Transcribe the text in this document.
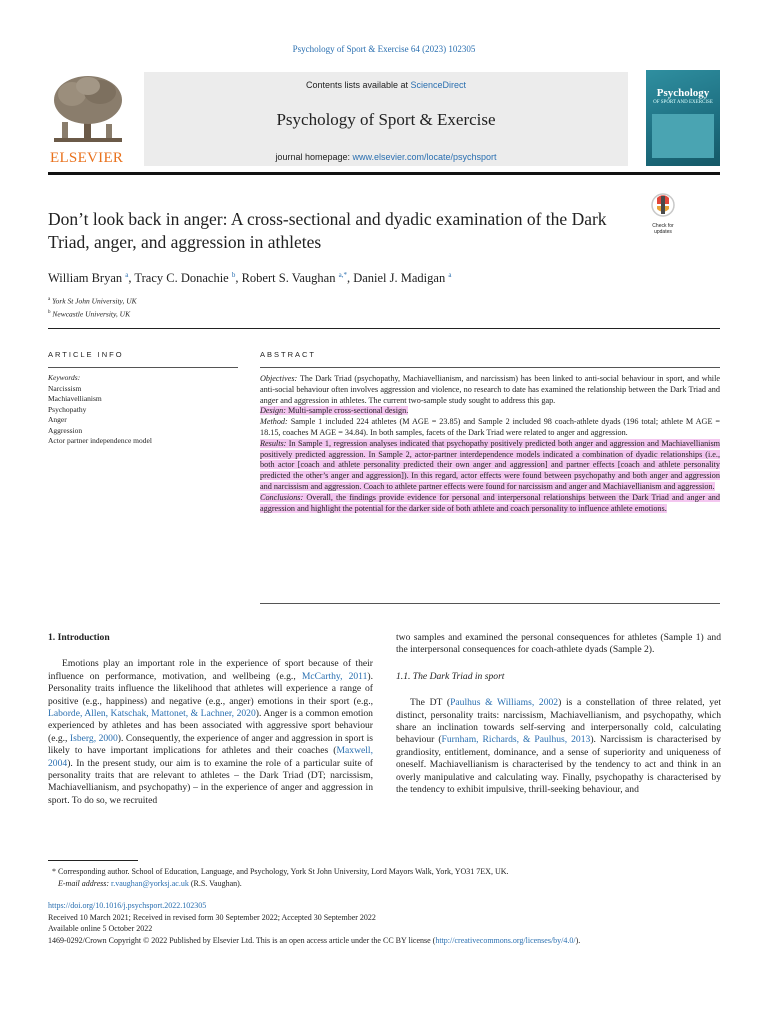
Psychology of Sport & Exercise 64 (2023) 102305
ELSEVIER
Contents lists available at ScienceDirect
Psychology of Sport & Exercise
journal homepage: www.elsevier.com/locate/psychsport
Psychology
OF SPORT AND EXERCISE
Don’t look back in anger: A cross-sectional and dyadic examination of the Dark Triad, anger, and aggression in athletes
Check for updates
William Bryan $^a$, Tracy C. Donachie $^b$, Robert S. Vaughan $^{a,*}$, Daniel J. Madigan $^a$
$^a$ York St John University, UK
$^b$ Newcastle University, UK
ARTICLE INFO	ABSTRACT
Keywords:
Narcissism
Machiavellianism
Psychopathy
Anger
Aggression
Actor partner independence model

Objectives: The Dark Triad (psychopathy, Machiavellianism, and narcissism) has been linked to anti-social behaviour in sport, and while anti-social behaviour often involves aggression and violence, no research to date has examined the relationship between the Dark Triad and anger and aggression in athletes. The current two-sample study sought to address this gap.

Design: Multi-sample cross-sectional design.

Method: Sample 1 included 224 athletes (M AGE = 23.85) and Sample 2 included 98 coach-athlete dyads (196 total; athlete M AGE = 18.15, coaches M AGE = 34.84). In both samples, facets of the Dark Triad were related to anger and aggression.

Results: In Sample 1, regression analyses indicated that psychopathy positively predicted both anger and aggression and Machiavellianism positively predicted aggression. In Sample 2, actor-partner interdependence models indicated a combination of dyadic relationships (i.e., both actor [coach and athlete personality predicted their own anger and aggression] and partner effects [coach and athlete personality predicted the other’s anger and aggression]). In this regard, actor effects were found between psychopathy and both anger and aggression and narcissism and aggression. Coach to athlete partner effects were found for narcissism and anger and Machiavellianism and aggression.

Conclusions: Overall, the findings provide evidence for personal and interpersonal relationships between the Dark Triad and anger and aggression and highlight the potential for the darker side of both athlete and coach personality to influence athlete emotions.

1. Introduction

Emotions play an important role in the experience of sport because of their influence on performance, motivation, and wellbeing (e.g., McCarthy, 2011). Personality traits influence the likelihood that athletes will experience a range of positive (e.g., happiness) and negative (e.g., anger) emotions in their sport (e.g., Laborde, Allen, Katschak, Mattonet, & Lachner, 2020). Anger is a common emotion experienced by athletes and has been associated with aggressive sport behaviour (e.g., Isberg, 2000). Consequently, the experience of anger and aggression in sport is likely to have important implications for athletes and their coaches (Maxwell, 2004). In the present study, our aim is to examine the role of a particular suite of personality traits that are relevant to athletes – the Dark Triad (DT; narcissism, Machiavellianism, and psychopathy) – in the experience of anger and aggression in sport. To do so, we recruited

two samples and examined the personal consequences for athletes (Sample 1) and the interpersonal consequences for coach-athlete dyads (Sample 2).

1.1. The Dark Triad in sport

The DT (Paulhus & Williams, 2002) is a constellation of three related, yet distinct, personality traits: narcissism, Machiavellianism, and psychopathy, which share an inclination towards self-serving and interpersonally cold, calculating behaviour (Furnham, Richards, & Paulhus, 2013). Narcissism is characterised by grandiosity, entitlement, dominance, and a sense of superiority and uniqueness of oneself. Machiavellianism is characterised by the tendency to act and think in an overly manipulative and calculating way. Finally, psychopathy is characterised by the tendency to exhibit impulsive, thrill-seeking behaviour, and

* Corresponding author. School of Education, Language, and Psychology, York St John University, Lord Mayors Walk, York, YO31 7EX, UK.
E-mail address: r.vaughan@yorksj.ac.uk (R.S. Vaughan).
https://doi.org/10.1016/j.psychsport.2022.102305
Received 10 March 2021; Received in revised form 30 September 2022; Accepted 30 September 2022
Available online 5 October 2022
1469-0292/Crown Copyright © 2022 Published by Elsevier Ltd. This is an open access article under the CC BY license (http://creativecommons.org/licenses/by/4.0/).
